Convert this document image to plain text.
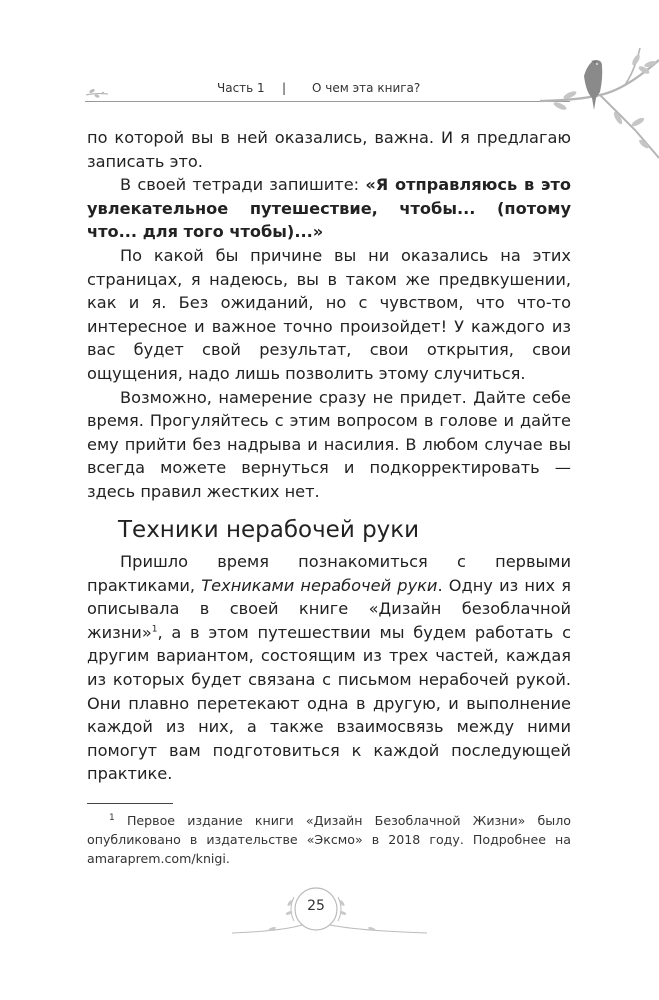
Часть 1 | О чем эта книга?

по которой вы в ней оказались, важна. И я предлагаю записать это.

В своей тетради запишите: «Я отправляюсь в это увлекательное путешествие, чтобы... (потому что... для того чтобы)...»

По какой бы причине вы ни оказались на этих страницах, я надеюсь, вы в таком же предвкушении, как и я. Без ожиданий, но с чувством, что что-то интересное и важное точно произойдет! У каждого из вас будет свой результат, свои открытия, свои ощущения, надо лишь позволить этому случиться.

Возможно, намерение сразу не придет. Дайте себе время. Прогуляйтесь с этим вопросом в голове и дайте ему прийти без надрыва и насилия. В любом случае вы всегда можете вернуться и подкорректировать — здесь правил жестких нет.

Техники нерабочей руки

Пришло время познакомиться с первыми практиками, Техниками нерабочей руки. Одну из них я описывала в своей книге «Дизайн безоблачной жизни»$^1$, а в этом путешествии мы будем работать с другим вариантом, состоящим из трех частей, каждая из которых будет связана с письмом нерабочей рукой. Они плавно перетекают одна в другую, и выполнение каждой из них, а также взаимосвязь между ними помогут вам подготовиться к каждой последующей практике.

$^1$ Первое издание книги «Дизайн Безоблачной Жизни» было опубликовано в издательстве «Эксмо» в 2018 году. Подробнее на amaraprem.com/knigi.

25
